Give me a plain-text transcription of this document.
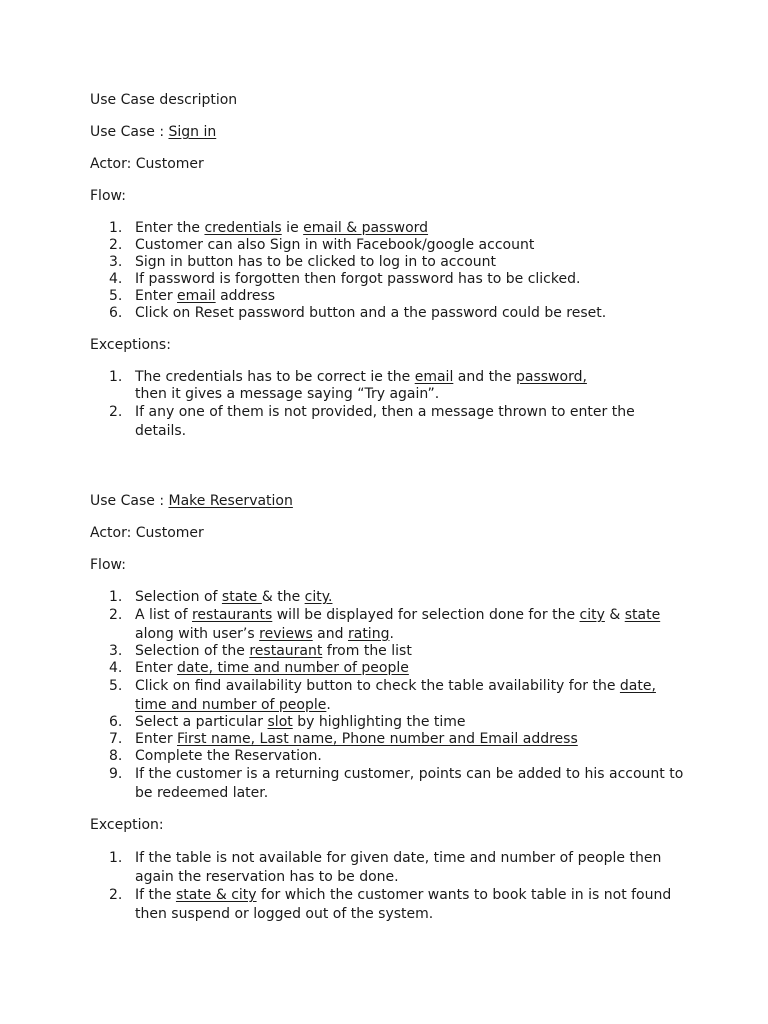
Use Case description

Use Case : Sign in

Actor: Customer

Flow:

1. Enter the credentials ie email & password
2. Customer can also Sign in with Facebook/google account
3. Sign in button has to be clicked to log in to account
4. If password is forgotten then forgot password has to be clicked.
5. Enter email address
6. Click on Reset password button and a the password could be reset.

Exceptions:

1. The credentials has to be correct ie the email and the password,
then it gives a message saying “Try again”.
2. If any one of them is not provided, then a message thrown to enter the details.

Use Case : Make Reservation

Actor: Customer

Flow:

1. Selection of state & the city.
2. A list of restaurants will be displayed for selection done for the city & state
along with user’s reviews and rating.
3. Selection of the restaurant from the list
4. Enter date, time and number of people
5. Click on find availability button to check the table availability for the date,
time and number of people.
6. Select a particular slot by highlighting the time
7. Enter First name, Last name, Phone number and Email address
8. Complete the Reservation.
9. If the customer is a returning customer, points can be added to his account to be redeemed later.

Exception:

1. If the table is not available for given date, time and number of people then again the reservation has to be done.
2. If the state & city for which the customer wants to book table in is not found then suspend or logged out of the system.
